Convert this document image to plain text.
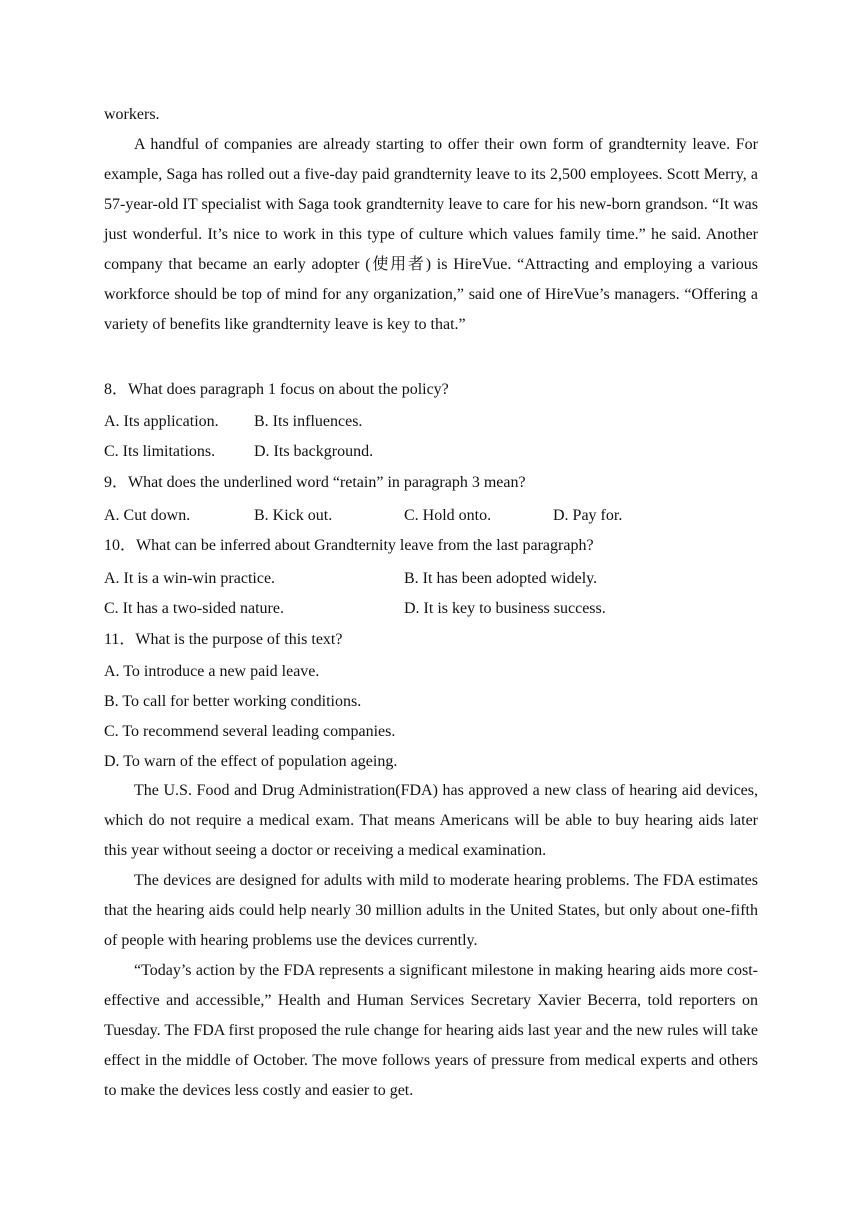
workers.
A handful of companies are already starting to offer their own form of grandternity leave. For example, Saga has rolled out a five-day paid grandternity leave to its 2,500 employees. Scott Merry, a 57-year-old IT specialist with Saga took grandternity leave to care for his new-born grandson. “It was just wonderful. It’s nice to work in this type of culture which values family time.” he said. Another company that became an early adopter (使用者) is HireVue. “Attracting and employing a various workforce should be top of mind for any organization,” said one of HireVue’s managers. “Offering a variety of benefits like grandternity leave is key to that.”
8．What does paragraph 1 focus on about the policy?
A. Its application. B. Its influences.
C. Its limitations. D. Its background.
9．What does the underlined word “retain” in paragraph 3 mean?
A. Cut down.	B. Kick out.	C. Hold onto.	D. Pay for.
10．What can be inferred about Grandternity leave from the last paragraph?
A. It is a win-win practice.	B. It has been adopted widely.
C. It has a two-sided nature.	D. It is key to business success.
11．What is the purpose of this text?
A. To introduce a new paid leave.
B. To call for better working conditions.
C. To recommend several leading companies.
D. To warn of the effect of population ageing.
The U.S. Food and Drug Administration(FDA) has approved a new class of hearing aid devices, which do not require a medical exam. That means Americans will be able to buy hearing aids later this year without seeing a doctor or receiving a medical examination.
The devices are designed for adults with mild to moderate hearing problems. The FDA estimates that the hearing aids could help nearly 30 million adults in the United States, but only about one-fifth of people with hearing problems use the devices currently.
“Today’s action by the FDA represents a significant milestone in making hearing aids more cost-effective and accessible,” Health and Human Services Secretary Xavier Becerra, told reporters on Tuesday. The FDA first proposed the rule change for hearing aids last year and the new rules will take effect in the middle of October. The move follows years of pressure from medical experts and others to make the devices less costly and easier to get.
